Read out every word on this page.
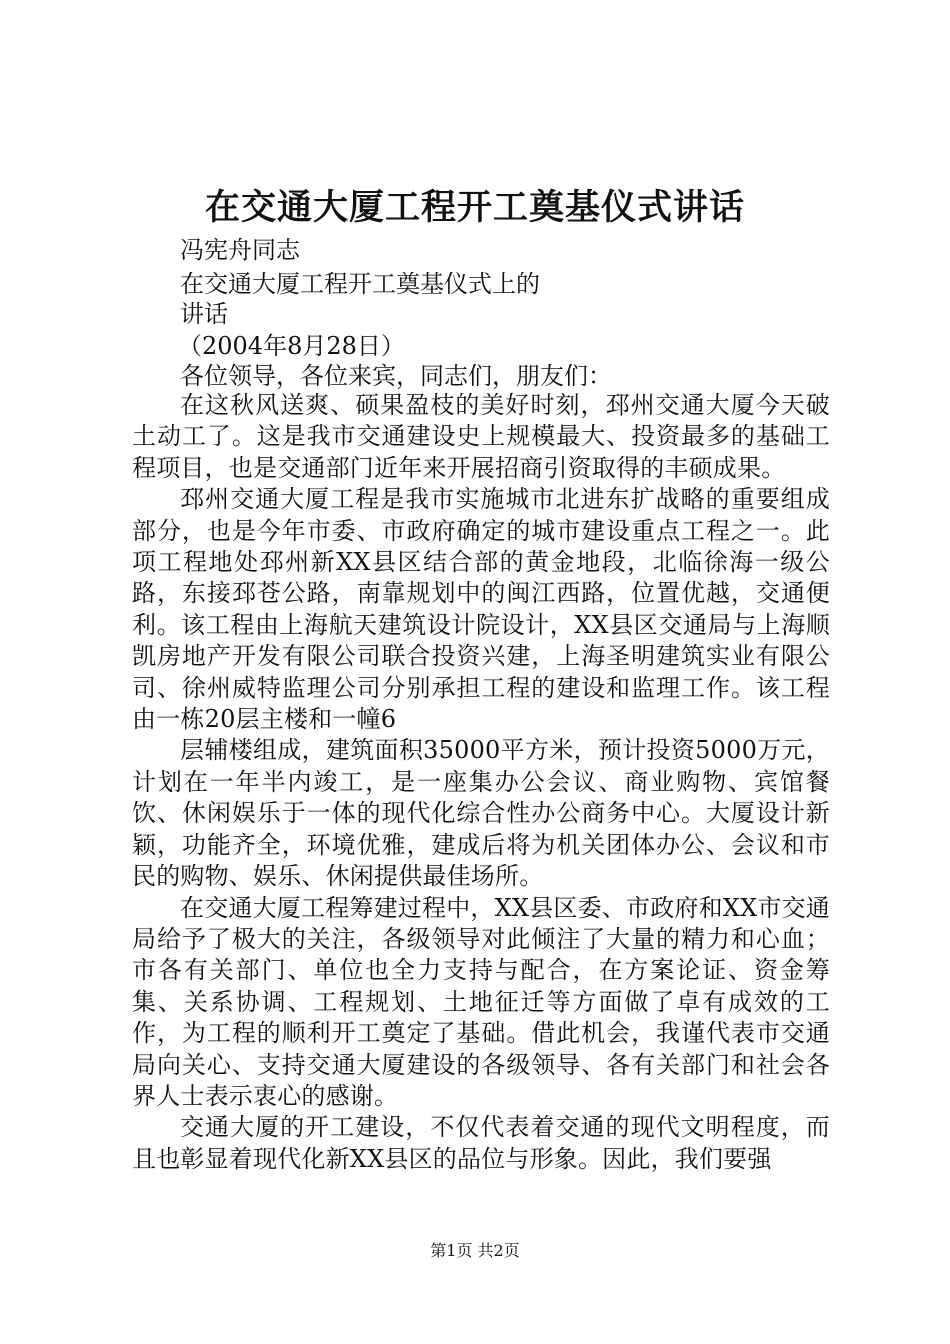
在交通大厦工程开工奠基仪式讲话
冯宪舟同志
在交通大厦工程开工奠基仪式上的
讲话
（2004年8月28日）
各位领导，各位来宾，同志们，朋友们：

在这秋风送爽、硕果盈枝的美好时刻，邳州交通大厦今天破土动工了。这是我市交通建设史上规模最大、投资最多的基础工程项目，也是交通部门近年来开展招商引资取得的丰硕成果。

邳州交通大厦工程是我市实施城市北进东扩战略的重要组成部分，也是今年市委、市政府确定的城市建设重点工程之一。此项工程地处邳州新XX县区结合部的黄金地段，北临徐海一级公路，东接邳苍公路，南靠规划中的闽江西路，位置优越，交通便利。该工程由上海航天建筑设计院设计，XX县区交通局与上海顺凯房地产开发有限公司联合投资兴建，上海圣明建筑实业有限公司、徐州威特监理公司分别承担工程的建设和监理工作。该工程由一栋20层主楼和一幢6

层辅楼组成，建筑面积35000平方米，预计投资5000万元，计划在一年半内竣工，是一座集办公会议、商业购物、宾馆餐饮、休闲娱乐于一体的现代化综合性办公商务中心。大厦设计新颖，功能齐全，环境优雅，建成后将为机关团体办公、会议和市民的购物、娱乐、休闲提供最佳场所。

在交通大厦工程筹建过程中，XX县区委、市政府和XX市交通局给予了极大的关注，各级领导对此倾注了大量的精力和心血；市各有关部门、单位也全力支持与配合，在方案论证、资金筹集、关系协调、工程规划、土地征迁等方面做了卓有成效的工作，为工程的顺利开工奠定了基础。借此机会，我谨代表市交通局向关心、支持交通大厦建设的各级领导、各有关部门和社会各界人士表示衷心的感谢。

交通大厦的开工建设，不仅代表着交通的现代文明程度，而且也彰显着现代化新XX县区的品位与形象。因此，我们要强

第1页 共2页
